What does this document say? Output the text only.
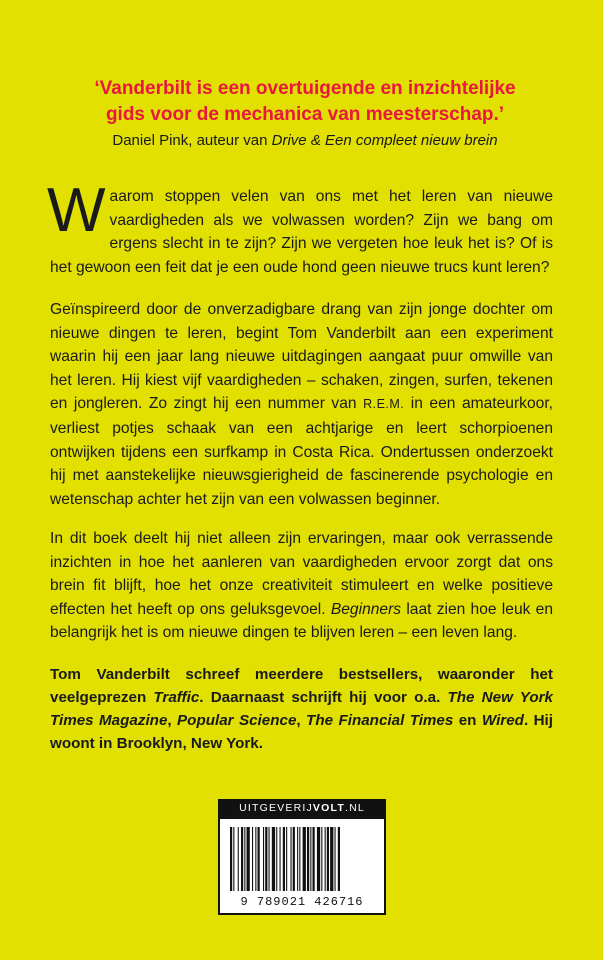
‘Vanderbilt is een overtuigende en inzichtelijke
gids voor de mechanica van meesterschap.’
Daniel Pink, auteur van Drive & Een compleet nieuw brein

Waarom stoppen velen van ons met het leren van nieuwe vaardigheden als we volwassen worden? Zijn we bang om ergens slecht in te zijn? Zijn we vergeten hoe leuk het is? Of is het gewoon een feit dat je een oude hond geen nieuwe trucs kunt leren?

Geïnspireerd door de onverzadigbare drang van zijn jonge dochter om nieuwe dingen te leren, begint Tom Vanderbilt aan een experiment waarin hij een jaar lang nieuwe uitdagingen aangaat puur omwille van het leren. Hij kiest vijf vaardigheden – schaken, zingen, surfen, tekenen en jongleren. Zo zingt hij een nummer van R.E.M. in een amateurkoor, verliest potjes schaak van een achtjarige en leert schorpioenen ontwijken tijdens een surfkamp in Costa Rica. Ondertussen onderzoekt hij met aanstekelijke nieuwsgierigheid de fascinerende psychologie en wetenschap achter het zijn van een volwassen beginner.

In dit boek deelt hij niet alleen zijn ervaringen, maar ook verrassende inzichten in hoe het aanleren van vaardigheden ervoor zorgt dat ons brein fit blijft, hoe het onze creativiteit stimuleert en welke positieve effecten het heeft op ons geluksgevoel. Beginners laat zien hoe leuk en belangrijk het is om nieuwe dingen te blijven leren – een leven lang.

Tom Vanderbilt schreef meerdere bestsellers, waaronder het veelgeprezen Traffic. Daarnaast schrijft hij voor o.a. The New York Times Magazine, Popular Science, The Financial Times en Wired. Hij woont in Brooklyn, New York.

UITGEVERIJVOLT.NL
9 789021 426716
